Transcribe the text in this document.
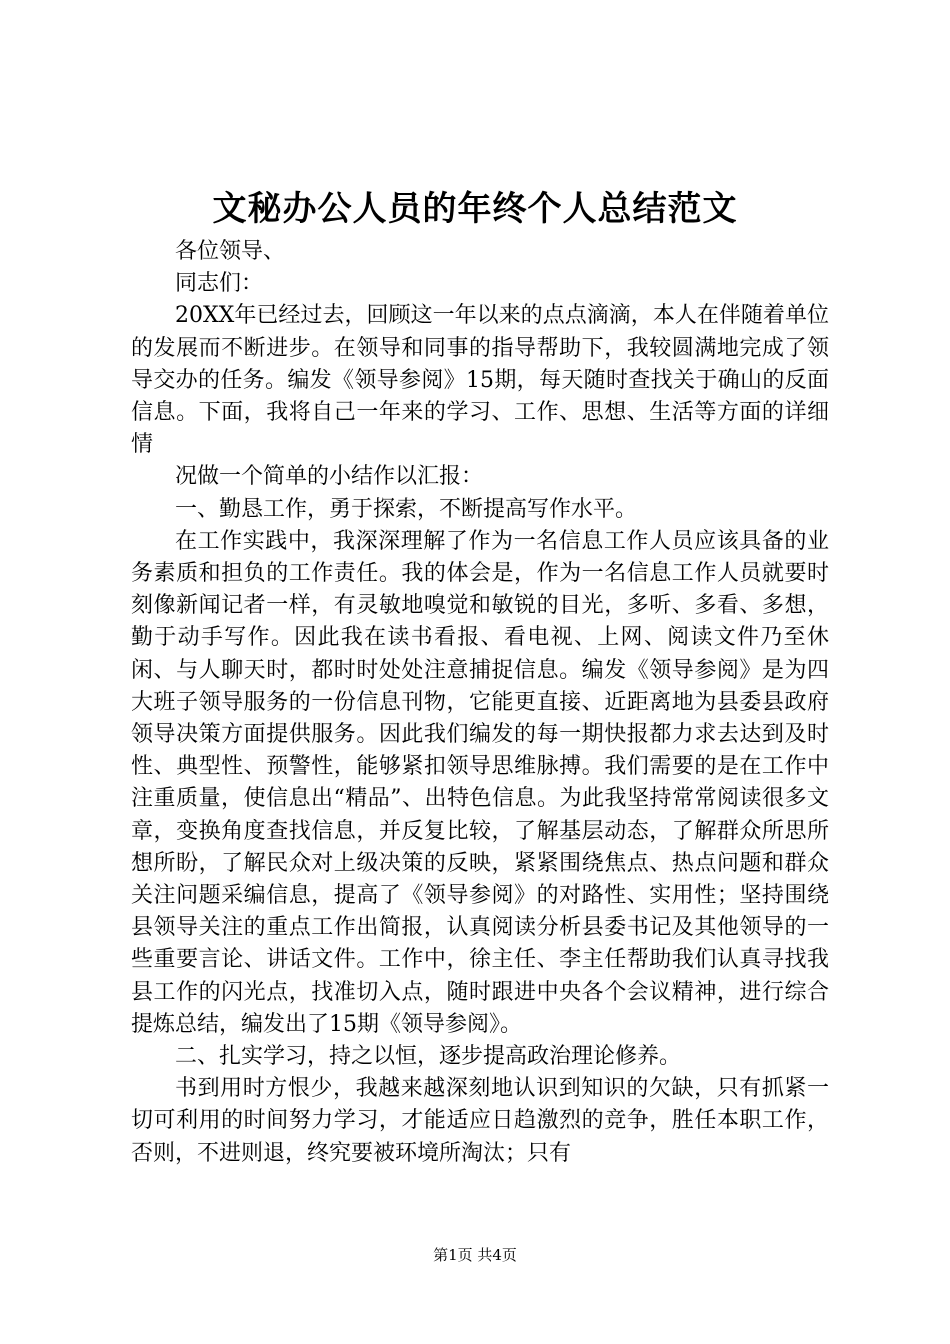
文秘办公人员的年终个人总结范文

各位领导、

同志们：

20XX年已经过去，回顾这一年以来的点点滴滴，本人在伴随着单位的发展而不断进步。在领导和同事的指导帮助下，我较圆满地完成了领导交办的任务。编发《领导参阅》15期，每天随时查找关于确山的反面信息。下面，我将自己一年来的学习、工作、思想、生活等方面的详细情

况做一个简单的小结作以汇报：

一、勤恳工作，勇于探索，不断提高写作水平。

在工作实践中，我深深理解了作为一名信息工作人员应该具备的业务素质和担负的工作责任。我的体会是，作为一名信息工作人员就要时刻像新闻记者一样，有灵敏地嗅觉和敏锐的目光，多听、多看、多想，勤于动手写作。因此我在读书看报、看电视、上网、阅读文件乃至休闲、与人聊天时，都时时处处注意捕捉信息。编发《领导参阅》是为四大班子领导服务的一份信息刊物，它能更直接、近距离地为县委县政府领导决策方面提供服务。因此我们编发的每一期快报都力求去达到及时性、典型性、预警性，能够紧扣领导思维脉搏。我们需要的是在工作中注重质量，使信息出“精品”、出特色信息。为此我坚持常常阅读很多文章，变换角度查找信息，并反复比较，了解基层动态，了解群众所思所想所盼，了解民众对上级决策的反映，紧紧围绕焦点、热点问题和群众关注问题采编信息，提高了《领导参阅》的对路性、实用性；坚持围绕县领导关注的重点工作出简报，认真阅读分析县委书记及其他领导的一些重要言论、讲话文件。工作中，徐主任、李主任帮助我们认真寻找我县工作的闪光点，找准切入点，随时跟进中央各个会议精神，进行综合提炼总结，编发出了15期《领导参阅》。

二、扎实学习，持之以恒，逐步提高政治理论修养。

书到用时方恨少，我越来越深刻地认识到知识的欠缺，只有抓紧一切可利用的时间努力学习，才能适应日趋激烈的竞争，胜任本职工作，否则，不进则退，终究要被环境所淘汰；只有

第1页 共4页
